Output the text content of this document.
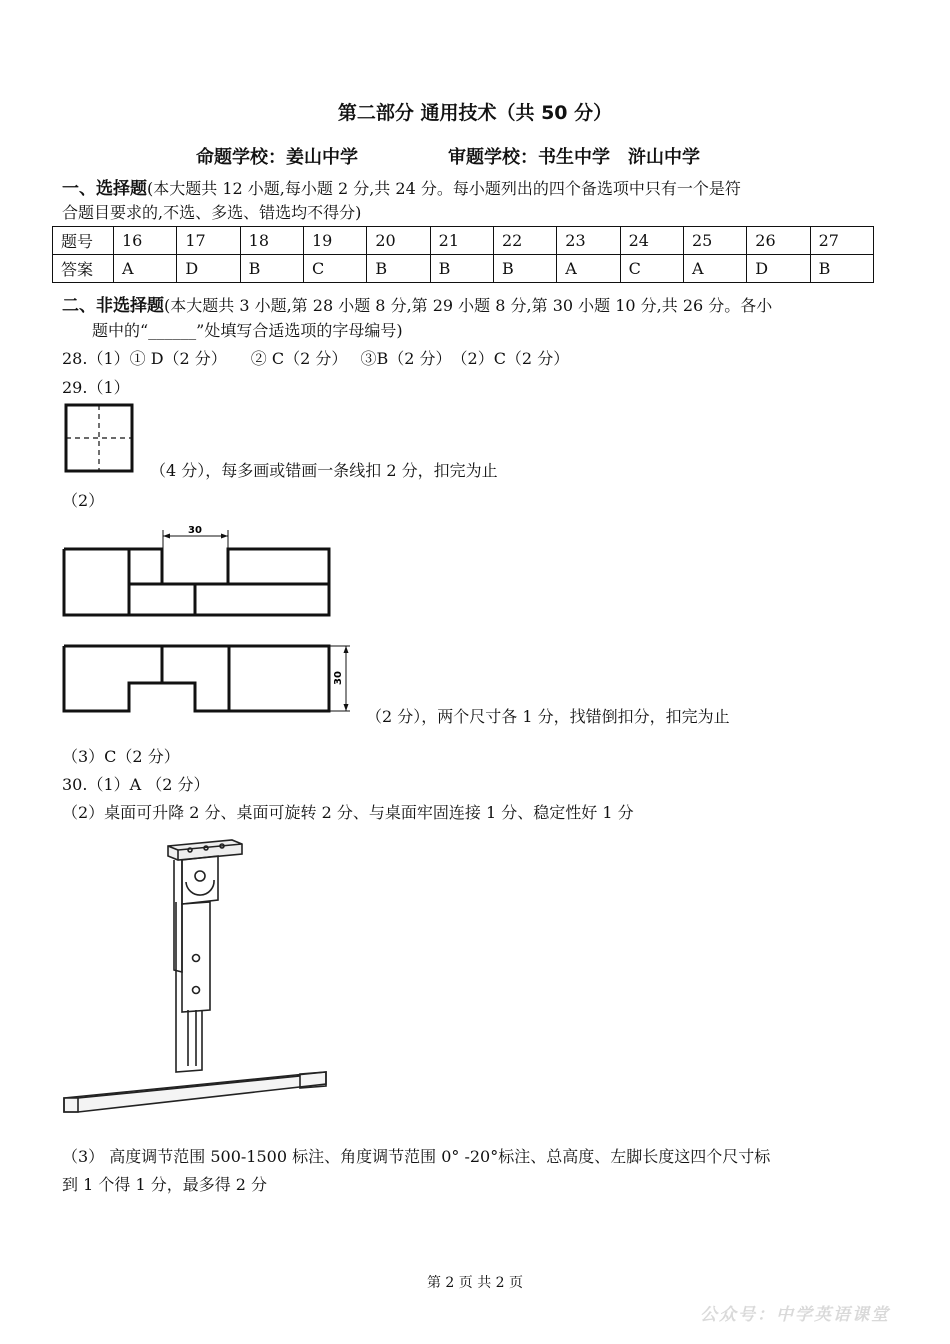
第二部分 通用技术（共 50 分）
命题学校：姜山中学	审题学校：书生中学　浒山中学
一、选择题(本大题共 12 小题,每小题 2 分,共 24 分。每小题列出的四个备选项中只有一个是符
合题目要求的,不选、多选、错选均不得分)
题号	16	17	18	19	20	21	22	23	24	25	26	27
答案	A	D	B	C	B	B	B	A	C	A	D	B
二、非选择题(本大题共 3 小题,第 28 小题 8 分,第 29 小题 8 分,第 30 小题 10 分,共 26 分。各小
题中的“______”处填写合适选项的字母编号)
28.（1）① D（2 分）　　② C（2 分）　 ③B（2 分）　（2）C（2 分）
29.（1）
（4 分），每多画或错画一条线扣 2 分，扣完为止
（2）
30
30
（2 分），两个尺寸各 1 分，找错倒扣分，扣完为止
（3）C（2 分）
30.（1）A （2 分）
（2）桌面可升降 2 分、桌面可旋转 2 分、与桌面牢固连接 1 分、稳定性好 1 分
（3） 高度调节范围 500-1500 标注、角度调节范围 0° -20°标注、总高度、左脚长度这四个尺寸标
到 1 个得 1 分，最多得 2 分
第 2 页 共 2 页
公众号：中学英语课堂
